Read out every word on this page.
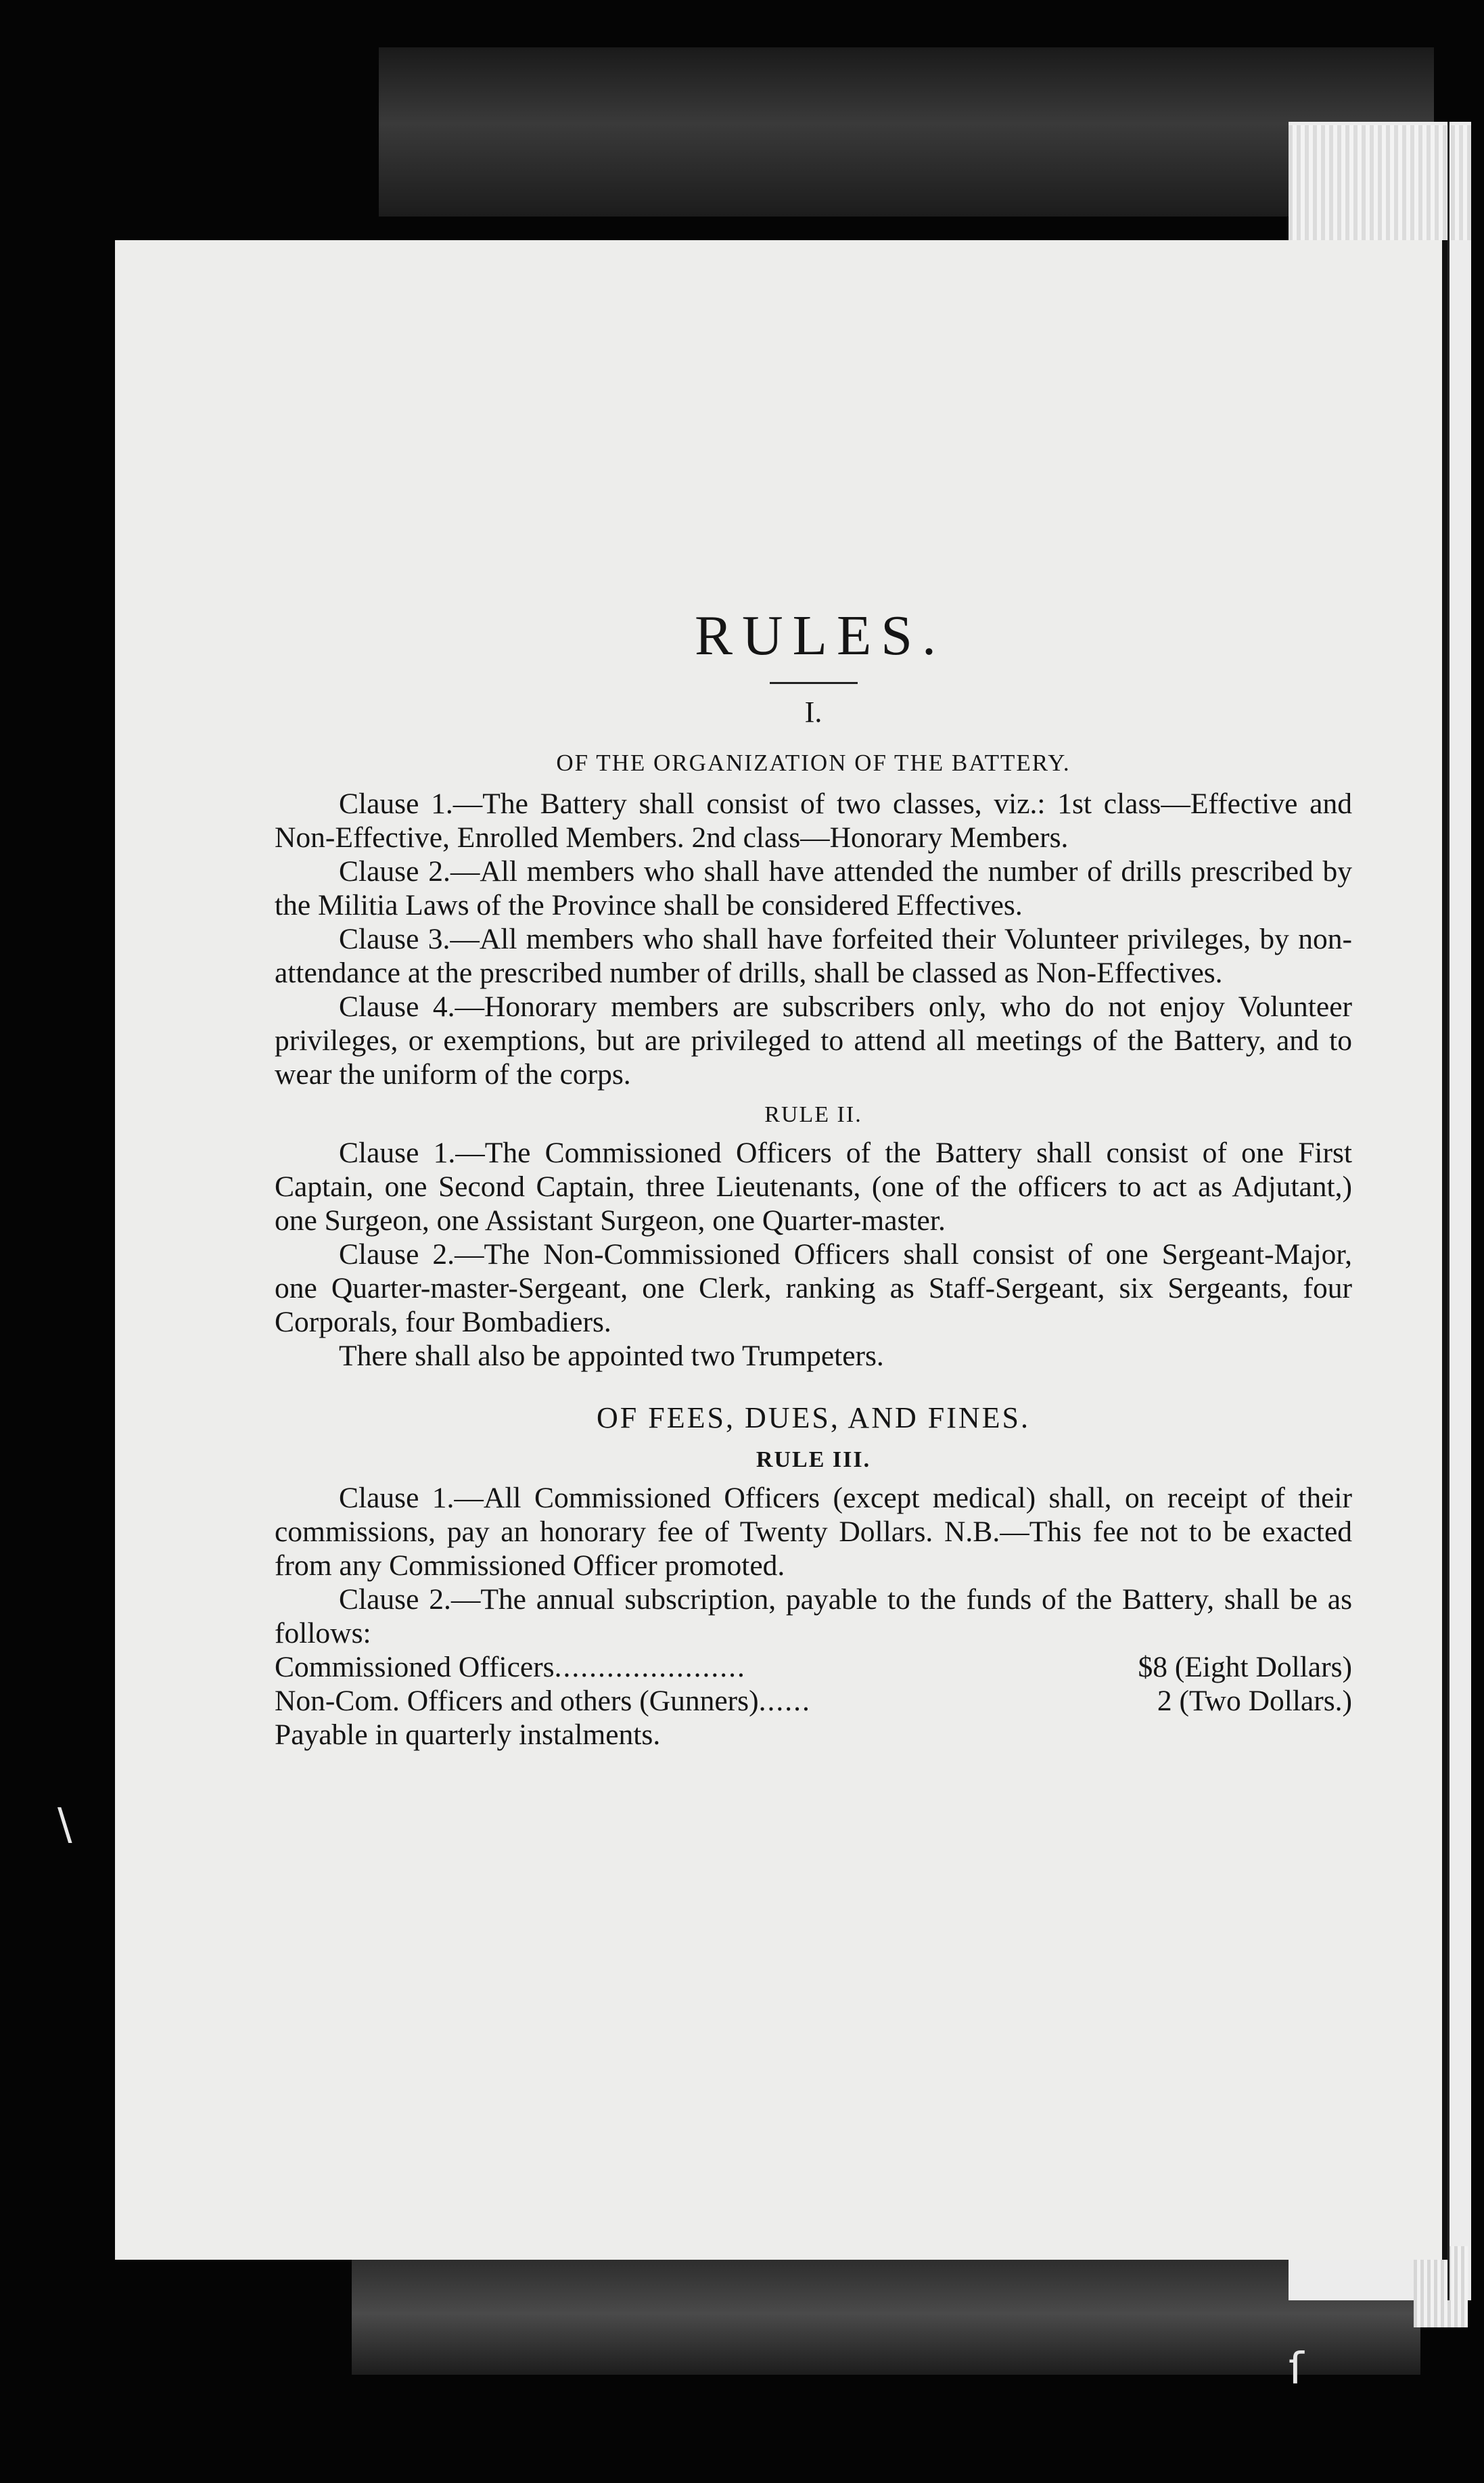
\
ſ
RULES.
I.
OF THE ORGANIZATION OF THE BATTERY.

Clause 1.—The Battery shall consist of two classes, viz.: 1st class—Effective and Non-Effective, Enrolled Members. 2nd class—Honorary Members.

Clause 2.—All members who shall have attended the number of drills prescribed by the Militia Laws of the Province shall be considered Effectives.

Clause 3.—All members who shall have forfeited their Volunteer privileges, by non-attendance at the prescribed number of drills, shall be classed as Non-Effectives.

Clause 4.—Honorary members are subscribers only, who do not enjoy Volunteer privileges, or exemptions, but are privileged to attend all meetings of the Battery, and to wear the uniform of the corps.

RULE II.

Clause 1.—The Commissioned Officers of the Battery shall consist of one First Captain, one Second Captain, three Lieutenants, (one of the officers to act as Adjutant,) one Surgeon, one Assistant Surgeon, one Quarter-master.

Clause 2.—The Non-Commissioned Officers shall consist of one Sergeant-Major, one Quarter-master-Sergeant, one Clerk, ranking as Staff-Sergeant, six Sergeants, four Corporals, four Bombadiers.

There shall also be appointed two Trumpeters.

OF FEES, DUES, AND FINES.
RULE III.

Clause 1.—All Commissioned Officers (except medical) shall, on receipt of their commissions, pay an honorary fee of Twenty Dollars. N.B.—This fee not to be exacted from any Commissioned Officer promoted.

Clause 2.—The annual subscription, payable to the funds of the Battery, shall be as follows:

Commissioned Officers ......................	$8 (Eight Dollars)
Non-Com. Officers and others (Gunners) ......	2 (Two Dollars.)

Payable in quarterly instalments.
